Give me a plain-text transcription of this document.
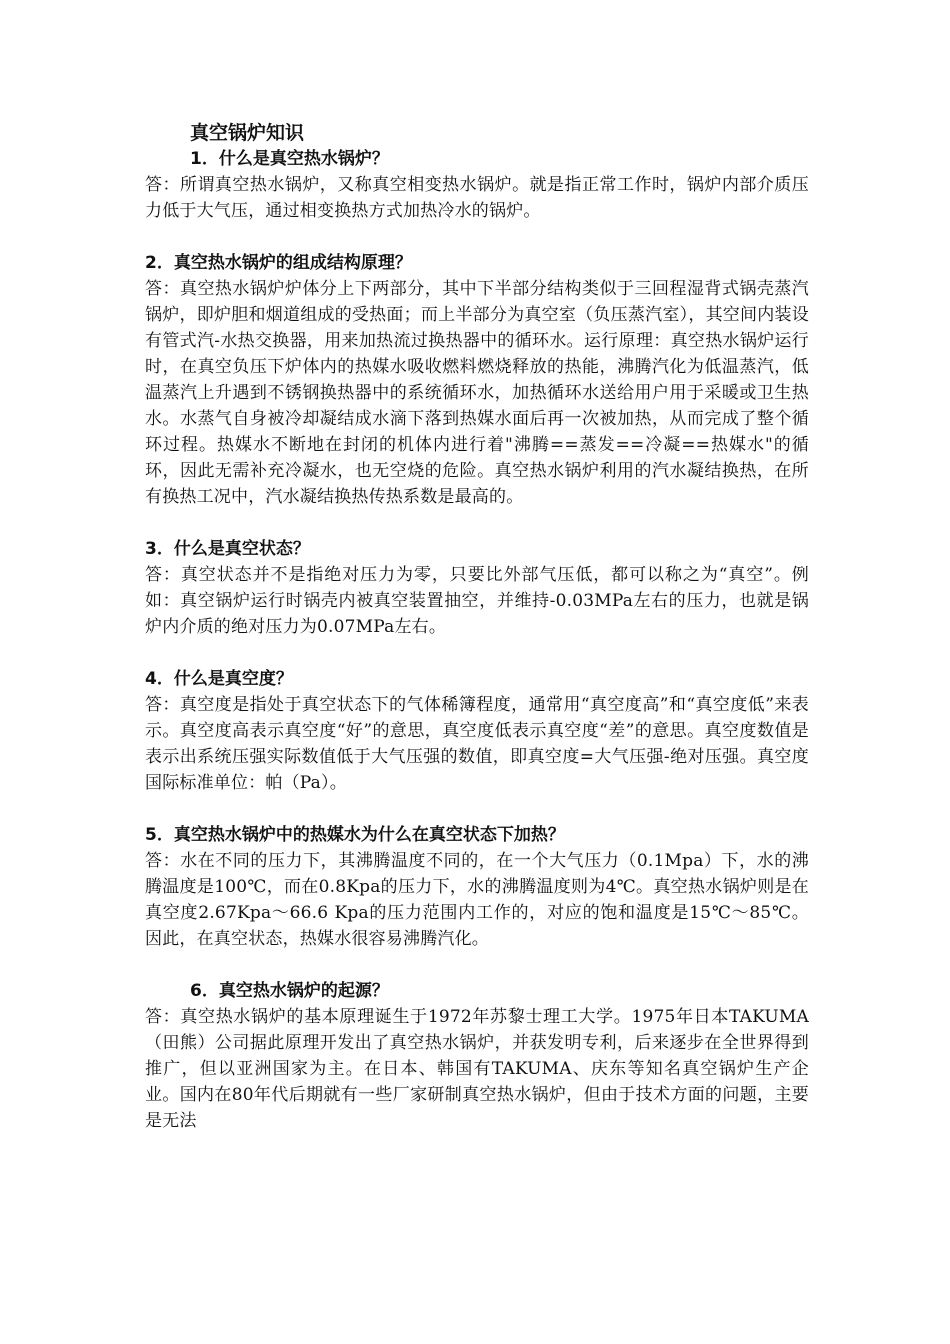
真空锅炉知识
1．什么是真空热水锅炉？

答：所谓真空热水锅炉，又称真空相变热水锅炉。就是指正常工作时，锅炉内部介质压力低于大气压，通过相变换热方式加热冷水的锅炉。

2．真空热水锅炉的组成结构原理？

答：真空热水锅炉炉体分上下两部分，其中下半部分结构类似于三回程湿背式锅壳蒸汽锅炉，即炉胆和烟道组成的受热面；而上半部分为真空室（负压蒸汽室），其空间内装设有管式汽-水热交换器，用来加热流过换热器中的循环水。运行原理：真空热水锅炉运行时，在真空负压下炉体内的热媒水吸收燃料燃烧释放的热能，沸腾汽化为低温蒸汽，低温蒸汽上升遇到不锈钢换热器中的系统循环水，加热循环水送给用户用于采暖或卫生热水。水蒸气自身被冷却凝结成水滴下落到热媒水面后再一次被加热，从而完成了整个循环过程。热媒水不断地在封闭的机体内进行着"沸腾==蒸发==冷凝==热媒水"的循环，因此无需补充冷凝水，也无空烧的危险。真空热水锅炉利用的汽水凝结换热，在所有换热工况中，汽水凝结换热传热系数是最高的。

3．什么是真空状态？

答：真空状态并不是指绝对压力为零，只要比外部气压低，都可以称之为“真空”。例如：真空锅炉运行时锅壳内被真空装置抽空，并维持-0.03MPa左右的压力，也就是锅炉内介质的绝对压力为0.07MPa左右。

4．什么是真空度？

答：真空度是指处于真空状态下的气体稀簿程度，通常用“真空度高”和“真空度低”来表示。真空度高表示真空度“好”的意思，真空度低表示真空度“差”的意思。真空度数值是表示出系统压强实际数值低于大气压强的数值，即真空度=大气压强-绝对压强。真空度国际标准单位：帕（Pa）。

5．真空热水锅炉中的热媒水为什么在真空状态下加热？

答：水在不同的压力下，其沸腾温度不同的，在一个大气压力（0.1Mpa）下，水的沸腾温度是100℃，而在0.8Kpa的压力下，水的沸腾温度则为4℃。真空热水锅炉则是在真空度2.67Kpa～66.6 Kpa的压力范围内工作的，对应的饱和温度是15℃～85℃。因此，在真空状态，热媒水很容易沸腾汽化。

6．真空热水锅炉的起源？

答：真空热水锅炉的基本原理诞生于1972年苏黎士理工大学。1975年日本TAKUMA（田熊）公司据此原理开发出了真空热水锅炉，并获发明专利，后来逐步在全世界得到推广，但以亚洲国家为主。在日本、韩国有TAKUMA、庆东等知名真空锅炉生产企业。国内在80年代后期就有一些厂家研制真空热水锅炉，但由于技术方面的问题，主要是无法
